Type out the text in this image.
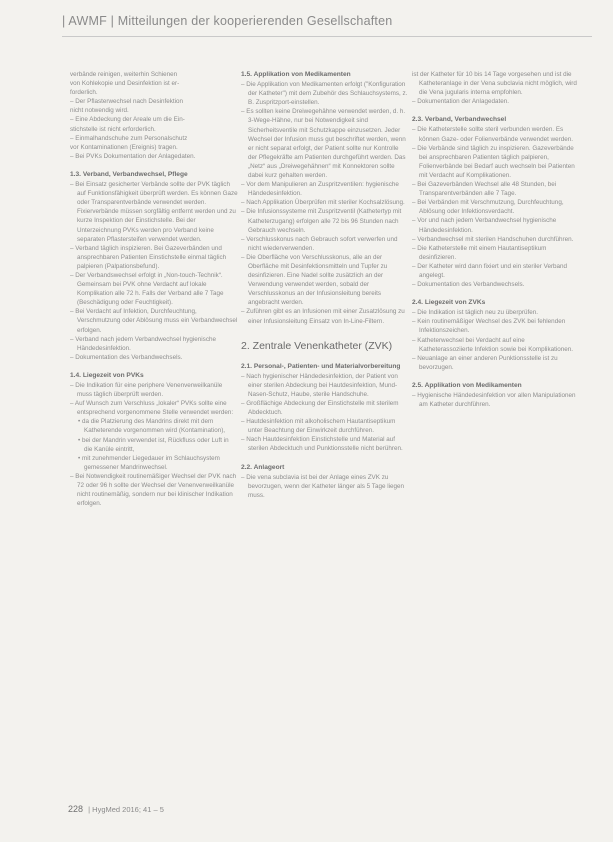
| AWMF | Mitteilungen der kooperierenden Gesellschaften

verbände reinigen, weiterhin Schienen

von Kohlekopie und Desinfektion ist er-

forderlich.

– Der Pflasterwechsel nach Desinfektion

nicht notwendig wird.

– Eine Abdeckung der Areale um die Ein-

stichstelle ist nicht erforderlich.

– Einmalhandschuhe zum Personalschutz

vor Kontaminationen (Ereignis) tragen.

– Bei PVKs Dokumentation der Anlagedaten.

1.3. Verband, Verbandwechsel, Pflege

– Bei Einsatz gesicherter Verbände sollte der PVK täglich auf Funktionsfähigkeit überprüft werden. Es können Gaze oder Transparentverbände verwendet werden. Fixierverbände müssen sorgfältig entfernt werden und zu kurze Inspektion der Einstichstelle. Bei der Unterzeichnung PVKs werden pro Verband keine separaten Pflastersteifen verwendet werden.

– Verband täglich inspizieren. Bei Gazeverbänden und ansprechbaren Patienten Einstichstelle einmal täglich palpieren (Palpationsbefund).

– Der Verbandswechsel erfolgt in „Non-touch-Technik“. Gemeinsam bei PVK ohne Verdacht auf lokale Komplikation alle 72 h. Falls der Verband alle 7 Tage (Beschädigung oder Feuchtigkeit).

– Bei Verdacht auf Infektion, Durchfeuchtung, Verschmutzung oder Ablösung muss ein Verbandwechsel erfolgen.

– Verband nach jedem Verbandwechsel hygienische Händedesinfektion.

– Dokumentation des Verbandwechsels.

1.4. Liegezeit von PVKs

– Die Indikation für eine periphere Venenverweilkanüle muss täglich überprüft werden.

– Auf Wunsch zum Verschluss „lokaler“ PVKs sollte eine entsprechend vorgenommene Stelle verwendet werden:

• da die Platzierung des Mandrins direkt mit dem Katheterende vorgenommen wird (Kontamination),

• bei der Mandrin verwendet ist, Rückfluss oder Luft in die Kanüle eintritt,

• mit zunehmender Liegedauer im Schlauchsystem gemessener Mandrinwechsel.

– Bei Notwendigkeit routinemäßiger Wechsel der PVK nach 72 oder 96 h sollte der Wechsel der Venenverweilkanüle nicht routinemäßig, sondern nur bei klinischer Indikation erfolgen.

1.5. Applikation von Medikamenten

– Die Applikation von Medikamenten erfolgt ("Konfiguration der Katheter") mit dem Zubehör des Schlauchsystems, z. B. Zuspritzport-einstellen.

– Es sollten keine Dreiwegehähne verwendet werden, d. h. 3-Wege-Hähne, nur bei Notwendigkeit sind Sicherheitsventile mit Schutzkappe einzusetzen. Jeder Wechsel der Infusion muss gut beschriftet werden, wenn er nicht separat erfolgt, der Patient sollte nur Kontrolle der Pflegekräfte am Patienten durchgeführt werden. Das „Netz“ aus „Dreiwegehähnen“ mit Konnektoren sollte dabei kurz gehalten werden.

– Vor dem Manipulieren an Zuspritzventilen: hygienische Händedesinfektion.

– Nach Applikation Überprüfen mit steriler Kochsalzlösung.

– Die Infusionssysteme mit Zuspritzventil (Kathetertyp mit Katheterzugang) erfolgen alle 72 bis 96 Stunden nach Gebrauch wechseln.

– Verschlusskonus nach Gebrauch sofort verwerfen und nicht wiederverwenden.

– Die Oberfläche von Verschlusskonus, alle an der Oberfläche mit Desinfektionsmitteln und Tupfer zu desinfizieren. Eine Nadel sollte zusätzlich an der Verwendung verwendet werden, sobald der Verschlusskonus an der Infusionsleitung bereits angebracht werden.

– Zuführen gibt es an Infusionen mit einer Zusatzlösung zu einer Infusionsleitung Einsatz von In-Line-Filtern.

2. Zentrale Venenkatheter (ZVK)

2.1. Personal-, Patienten- und Materialvorbereitung

– Nach hygienischer Händedesinfektion, der Patient von einer sterilen Abdeckung bei Hautdesinfektion, Mund-Nasen-Schutz, Haube, sterile Handschuhe.

– Großflächige Abdeckung der Einstichstelle mit sterilem Abdecktuch.

– Hautdesinfektion mit alkoholischem Hautantiseptikum unter Beachtung der Einwirkzeit durchführen.

– Nach Hautdesinfektion Einstichstelle und Material auf sterilen Abdecktuch und Punktionsstelle nicht berühren.

2.2. Anlageort

– Die vena subclavia ist bei der Anlage eines ZVK zu bevorzugen, wenn der Katheter länger als 5 Tage liegen muss.

ist der Katheter für 10 bis 14 Tage vorgesehen und ist die Katheteranlage in der Vena subclavia nicht möglich, wird die Vena jugularis interna empfohlen.

– Dokumentation der Anlagedaten.

2.3. Verband, Verbandwechsel

– Die Katheterstelle sollte steril verbunden werden. Es können Gaze- oder Folienverbände verwendet werden.

– Die Verbände sind täglich zu inspizieren. Gazeverbände bei ansprechbaren Patienten täglich palpieren, Folienverbände bei Bedarf auch wechseln bei Patienten mit Verdacht auf Komplikationen.

– Bei Gazeverbänden Wechsel alle 48 Stunden, bei Transparentverbänden alle 7 Tage.

– Bei Verbänden mit Verschmutzung, Durchfeuchtung, Ablösung oder Infektionsverdacht.

– Vor und nach jedem Verbandwechsel hygienische Händedesinfektion.

– Verbandwechsel mit sterilen Handschuhen durchführen.

– Die Katheterstelle mit einem Hautantiseptikum desinfizieren.

– Der Katheter wird dann fixiert und ein steriler Verband angelegt.

– Dokumentation des Verbandwechsels.

2.4. Liegezeit von ZVKs

– Die Indikation ist täglich neu zu überprüfen.

– Kein routinemäßiger Wechsel des ZVK bei fehlenden Infektionszeichen.

– Katheterwechsel bei Verdacht auf eine Katheterassoziierte Infektion sowie bei Komplikationen.

– Neuanlage an einer anderen Punktionsstelle ist zu bevorzugen.

2.5. Applikation von Medikamenten

– Hygienische Händedesinfektion vor allen Manipulationen am Katheter durchführen.

228 | HygMed 2016; 41 – 5
